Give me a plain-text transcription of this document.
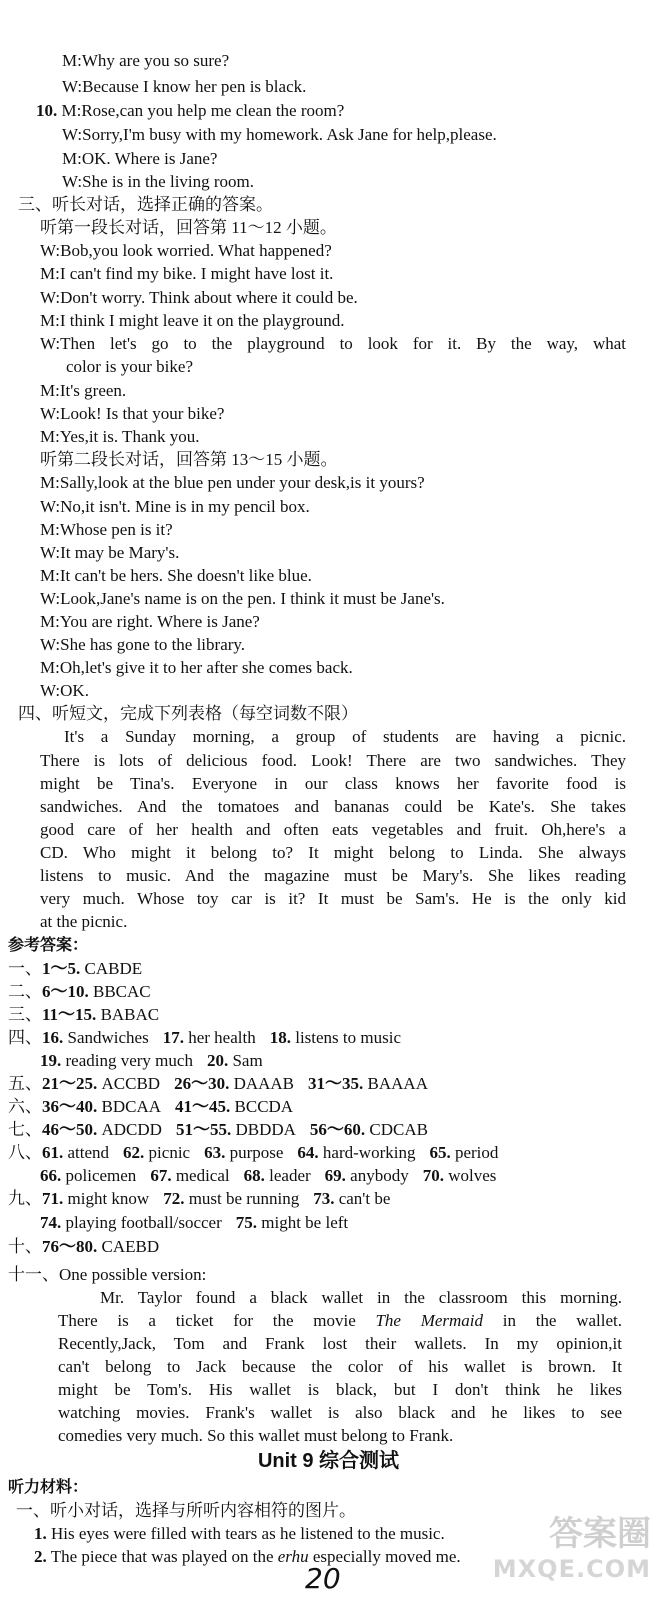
M:Why are you so sure?
W:Because I know her pen is black.
10. M:Rose,can you help me clean the room?
W:Sorry,I'm busy with my homework. Ask Jane for help,please.
M:OK. Where is Jane?
W:She is in the living room.
三、听长对话，选择正确的答案。
听第一段长对话，回答第 11～12 小题。
W:Bob,you look worried. What happened?
M:I can't find my bike. I might have lost it.
W:Don't worry. Think about where it could be.
M:I think I might leave it on the playground.
W:Then let's go to the playground to look for it. By the way, what
color is your bike?
M:It's green.
W:Look! Is that your bike?
M:Yes,it is. Thank you.
听第二段长对话，回答第 13～15 小题。
M:Sally,look at the blue pen under your desk,is it yours?
W:No,it isn't. Mine is in my pencil box.
M:Whose pen is it?
W:It may be Mary's.
M:It can't be hers. She doesn't like blue.
W:Look,Jane's name is on the pen. I think it must be Jane's.
M:You are right. Where is Jane?
W:She has gone to the library.
M:Oh,let's give it to her after she comes back.
W:OK.
四、听短文，完成下列表格（每空词数不限）
It's a Sunday morning, a group of students are having a picnic.
There is lots of delicious food. Look! There are two sandwiches. They
might be Tina's. Everyone in our class knows her favorite food is
sandwiches. And the tomatoes and bananas could be Kate's. She takes
good care of her health and often eats vegetables and fruit. Oh,here's a
CD. Who might it belong to? It might belong to Linda. She always
listens to music. And the magazine must be Mary's. She likes reading
very much. Whose toy car is it? It must be Sam's. He is the only kid
at the picnic.
参考答案：
一、1～5. CABDE
二、6～10. BBCAC
三、11～15. BABAC
四、16. Sandwiches 17. her health 18. listens to music
19. reading very much 20. Sam
五、21～25. ACCBD 26～30. DAAAB 31～35. BAAAA
六、36～40. BDCAA 41～45. BCCDA
七、46～50. ADCDD 51～55. DBDDA 56～60. CDCAB
八、61. attend 62. picnic 63. purpose 64. hard-working 65. period
66. policemen 67. medical 68. leader 69. anybody 70. wolves
九、71. might know 72. must be running 73. can't be
74. playing football/soccer 75. might be left
十、76～80. CAEBD
十一、One possible version:
Mr. Taylor found a black wallet in the classroom this morning.
There is a ticket for the movie The Mermaid in the wallet.
Recently,Jack, Tom and Frank lost their wallets. In my opinion,it
can't belong to Jack because the color of his wallet is brown. It
might be Tom's. His wallet is black, but I don't think he likes
watching movies. Frank's wallet is also black and he likes to see
comedies very much. So this wallet must belong to Frank.
Unit 9 综合测试
听力材料：
一、听小对话，选择与所听内容相符的图片。
1. His eyes were filled with tears as he listened to the music.
2. The piece that was played on the erhu especially moved me.
20
答案圈
MXQE.COM
